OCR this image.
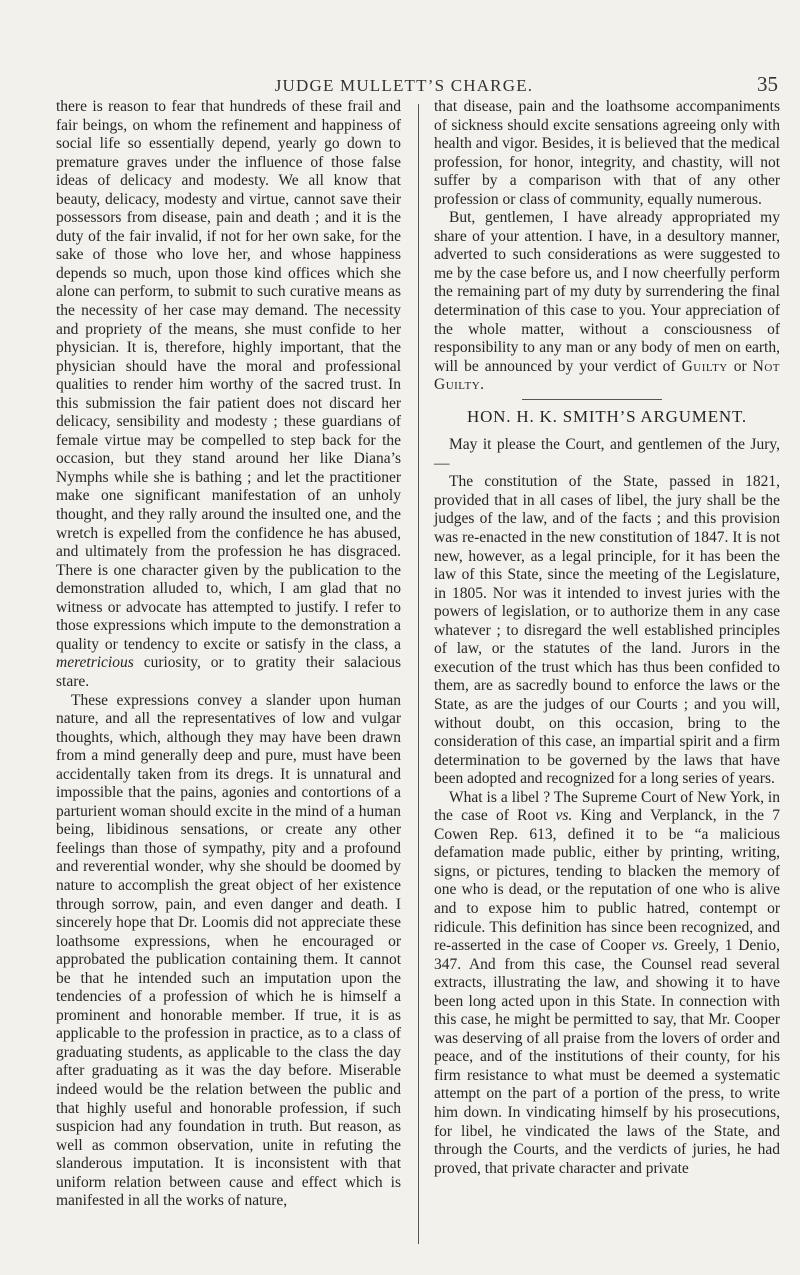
JUDGE MULLETT’S CHARGE.	35

there is reason to fear that hundreds of these frail and fair beings, on whom the refinement and happiness of social life so essentially depend, yearly go down to premature graves under the influence of those false ideas of delicacy and modesty. We all know that beauty, delicacy, modesty and virtue, cannot save their possessors from disease, pain and death ; and it is the duty of the fair invalid, if not for her own sake, for the sake of those who love her, and whose happiness depends so much, upon those kind offices which she alone can perform, to submit to such curative means as the necessity of her case may demand. The necessity and propriety of the means, she must confide to her physician. It is, therefore, highly important, that the physician should have the moral and professional qualities to render him worthy of the sacred trust. In this submission the fair patient does not discard her delicacy, sensibility and modesty ; these guardians of female virtue may be compelled to step back for the occasion, but they stand around her like Diana’s Nymphs while she is bathing ; and let the practitioner make one significant manifestation of an unholy thought, and they rally around the insulted one, and the wretch is expelled from the confidence he has abused, and ultimately from the profession he has disgraced. There is one character given by the publication to the demonstration alluded to, which, I am glad that no witness or advocate has attempted to justify. I refer to those expressions which impute to the demonstration a quality or tendency to excite or satisfy in the class, a meretricious curiosity, or to gratity their salacious stare.

These expressions convey a slander upon human nature, and all the representatives of low and vulgar thoughts, which, although they may have been drawn from a mind generally deep and pure, must have been accidentally taken from its dregs. It is unnatural and impossible that the pains, agonies and contortions of a parturient woman should excite in the mind of a human being, libidinous sensations, or create any other feelings than those of sympathy, pity and a profound and reverential wonder, why she should be doomed by nature to accomplish the great object of her existence through sorrow, pain, and even danger and death. I sincerely hope that Dr. Loomis did not appreciate these loathsome expressions, when he encouraged or approbated the publication containing them. It cannot be that he intended such an imputation upon the tendencies of a profession of which he is himself a prominent and honorable member. If true, it is as applicable to the profession in practice, as to a class of graduating students, as applicable to the class the day after graduating as it was the day before. Miserable indeed would be the relation between the public and that highly useful and honorable profession, if such suspicion had any foundation in truth. But reason, as well as common observation, unite in refuting the slanderous imputation. It is inconsistent with that uniform relation between cause and effect which is manifested in all the works of nature,

that disease, pain and the loathsome accompaniments of sickness should excite sensations agreeing only with health and vigor. Besides, it is believed that the medical profession, for honor, integrity, and chastity, will not suffer by a comparison with that of any other profession or class of community, equally numerous.

But, gentlemen, I have already appropriated my share of your attention. I have, in a desultory manner, adverted to such considerations as were suggested to me by the case before us, and I now cheerfully perform the remaining part of my duty by surrendering the final determination of this case to you. Your appreciation of the whole matter, without a consciousness of responsibility to any man or any body of men on earth, will be announced by your verdict of Guilty or Not Guilty.

HON. H. K. SMITH’S ARGUMENT.

May it please the Court, and gentlemen of the Jury,—

The constitution of the State, passed in 1821, provided that in all cases of libel, the jury shall be the judges of the law, and of the facts ; and this provision was re-enacted in the new constitution of 1847. It is not new, however, as a legal principle, for it has been the law of this State, since the meeting of the Legislature, in 1805. Nor was it intended to invest juries with the powers of legislation, or to authorize them in any case whatever ; to disregard the well established principles of law, or the statutes of the land. Jurors in the execution of the trust which has thus been confided to them, are as sacredly bound to enforce the laws or the State, as are the judges of our Courts ; and you will, without doubt, on this occasion, bring to the consideration of this case, an impartial spirit and a firm determination to be governed by the laws that have been adopted and recognized for a long series of years.

What is a libel ? The Supreme Court of New York, in the case of Root vs. King and Verplanck, in the 7 Cowen Rep. 613, defined it to be “a malicious defamation made public, either by printing, writing, signs, or pictures, tending to blacken the memory of one who is dead, or the reputation of one who is alive and to expose him to public hatred, contempt or ridicule. This definition has since been recognized, and re-asserted in the case of Cooper vs. Greely, 1 Denio, 347. And from this case, the Counsel read several extracts, illustrating the law, and showing it to have been long acted upon in this State. In connection with this case, he might be permitted to say, that Mr. Cooper was deserving of all praise from the lovers of order and peace, and of the institutions of their county, for his firm resistance to what must be deemed a systematic attempt on the part of a portion of the press, to write him down. In vindicating himself by his prosecutions, for libel, he vindicated the laws of the State, and through the Courts, and the verdicts of juries, he had proved, that private character and private
